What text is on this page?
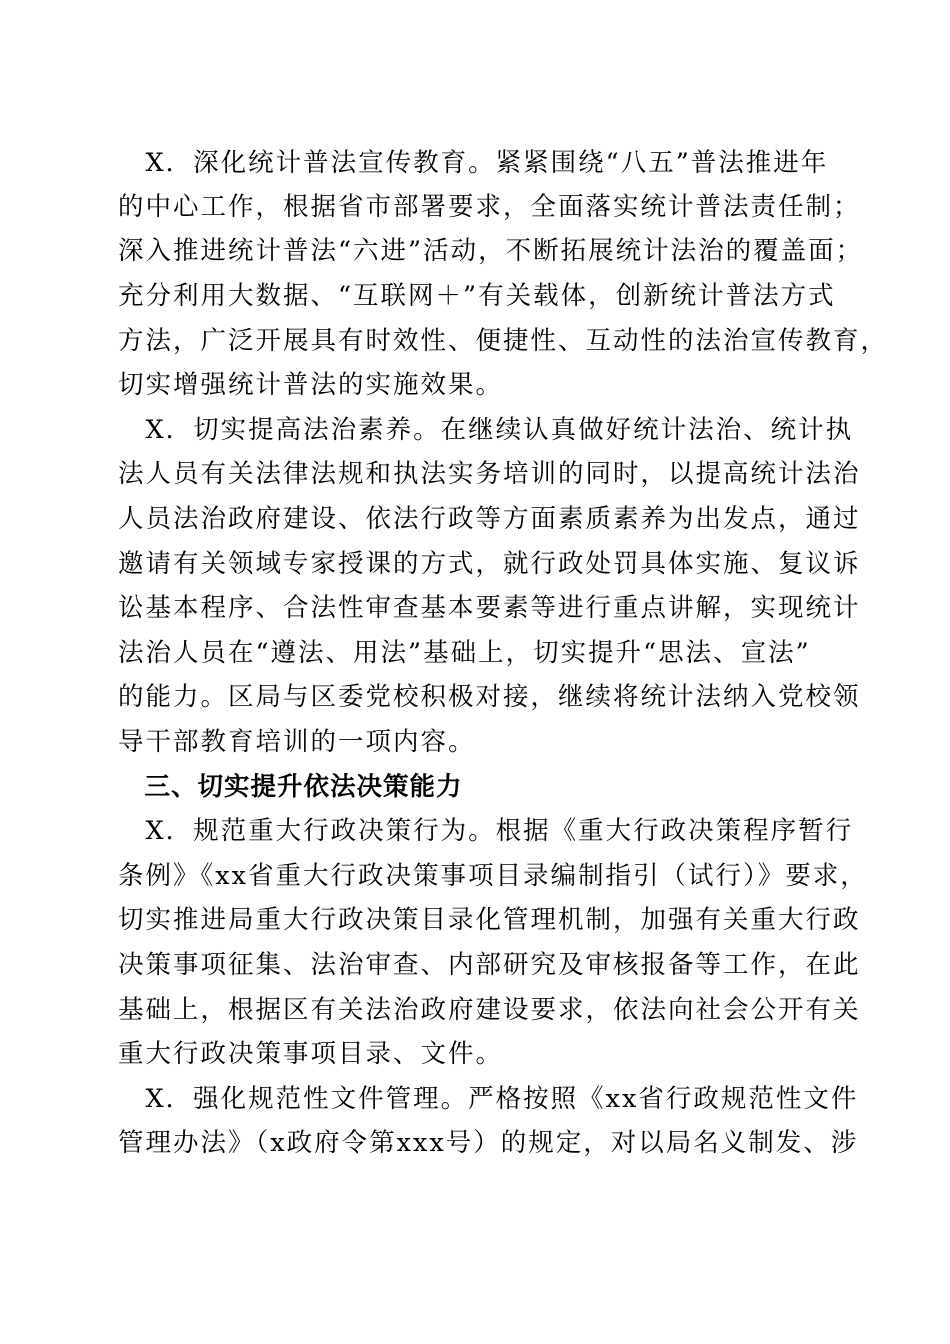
　X．深化统计普法宣传教育。紧紧围绕“八五”普法推进年
的中心工作，根据省市部署要求，全面落实统计普法责任制；
深入推进统计普法“六进”活动，不断拓展统计法治的覆盖面；
充分利用大数据、“互联网＋”有关载体，创新统计普法方式
方法，广泛开展具有时效性、便捷性、互动性的法治宣传教育，
切实增强统计普法的实施效果。
　X．切实提高法治素养。在继续认真做好统计法治、统计执
法人员有关法律法规和执法实务培训的同时，以提高统计法治
人员法治政府建设、依法行政等方面素质素养为出发点，通过
邀请有关领域专家授课的方式，就行政处罚具体实施、复议诉
讼基本程序、合法性审查基本要素等进行重点讲解，实现统计
法治人员在“遵法、用法”基础上，切实提升“思法、宣法”
的能力。区局与区委党校积极对接，继续将统计法纳入党校领
导干部教育培训的一项内容。
　三、切实提升依法决策能力
　X．规范重大行政决策行为。根据《重大行政决策程序暂行
条例》《xx省重大行政决策事项目录编制指引（试行）》要求，
切实推进局重大行政决策目录化管理机制，加强有关重大行政
决策事项征集、法治审查、内部研究及审核报备等工作，在此
基础上，根据区有关法治政府建设要求，依法向社会公开有关
重大行政决策事项目录、文件。
　X．强化规范性文件管理。严格按照《xx省行政规范性文件
管理办法》（x政府令第xxx号）的规定，对以局名义制发、涉
